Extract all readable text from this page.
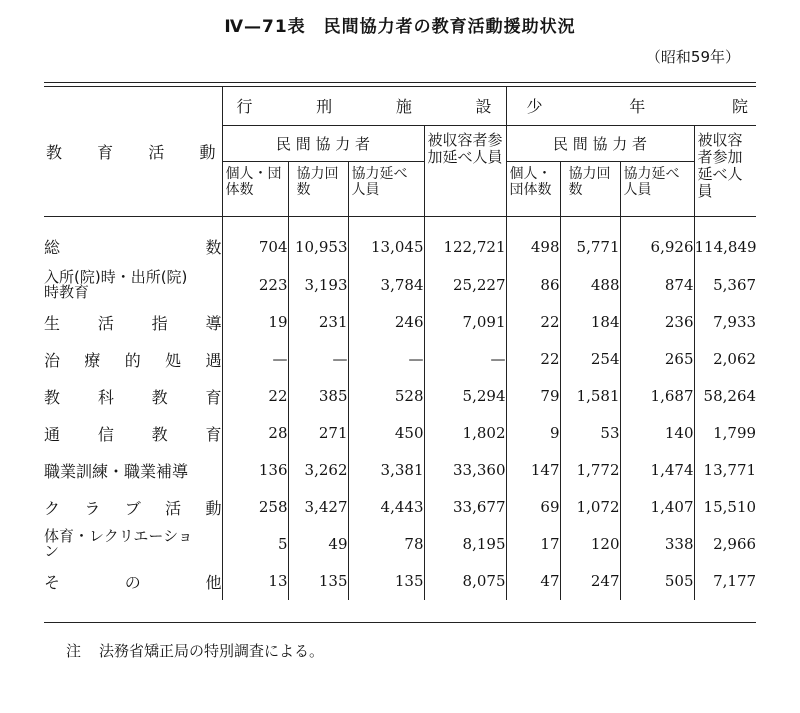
Ⅳ—71表 民間協力者の教育活動援助状況
（昭和59年）
教 育 活 動	行 刑 施 設				少 年 院			

	民 間 協 力 者			被収容者参加延べ人員	民 間 協 力 者			被収容者参加延べ人員

	個人・団体数	協力回数	協力延べ人員		個人・団体数	協力回数	協力延べ人員	

総 数	704	10,953	13,045	122,721	498	5,771	6,926	114,849

入所(院)時・出所(院)時教育	223	3,193	3,784	25,227	86	488	874	5,367

生 活 指 導	19	231	246	7,091	22	184	236	7,933

治 療 的 処 遇	—	—	—	—	22	254	265	2,062

教 科 教 育	22	385	528	5,294	79	1,581	1,687	58,264

通 信 教 育	28	271	450	1,802	9	53	140	1,799
職業訓練・職業補導	136	3,262	3,381	33,360	147	1,772	1,474	13,771

ク ラ ブ 活 動	258	3,427	4,443	33,677	69	1,072	1,407	15,510

体育・レクリエーション	5	49	78	8,195	17	120	338	2,966

そ の 他	13	135	135	8,075	47	247	505	7,177
注 法務省矯正局の特別調査による。
